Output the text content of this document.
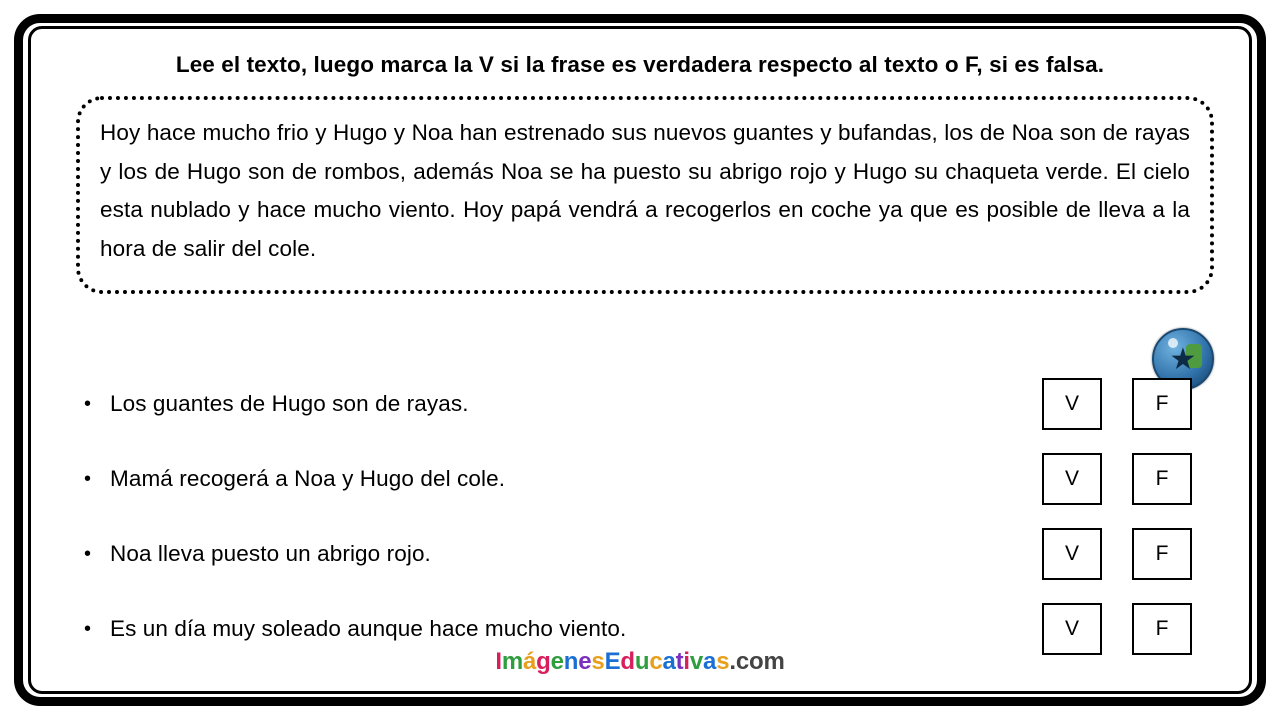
Lee el texto, luego marca la V si la frase es verdadera respecto al texto o F, si es falsa.

Hoy hace mucho frio y Hugo y Noa han estrenado sus nuevos guantes y bufandas, los de Noa son de rayas y los de Hugo son de rombos, además Noa se ha puesto su abrigo rojo y Hugo su chaqueta verde. El cielo esta nublado y hace mucho viento. Hoy papá vendrá a recogerlos en coche ya que es posible de lleva a la hora de salir del cole.

★
• Los guantes de Hugo son de rayas.	V	F
• Mamá recogerá a Noa y Hugo del cole.	V	F
• Noa lleva puesto un abrigo rojo.	V	F
• Es un día muy soleado aunque hace mucho viento.	V	F
ImágenesEducativas.com
